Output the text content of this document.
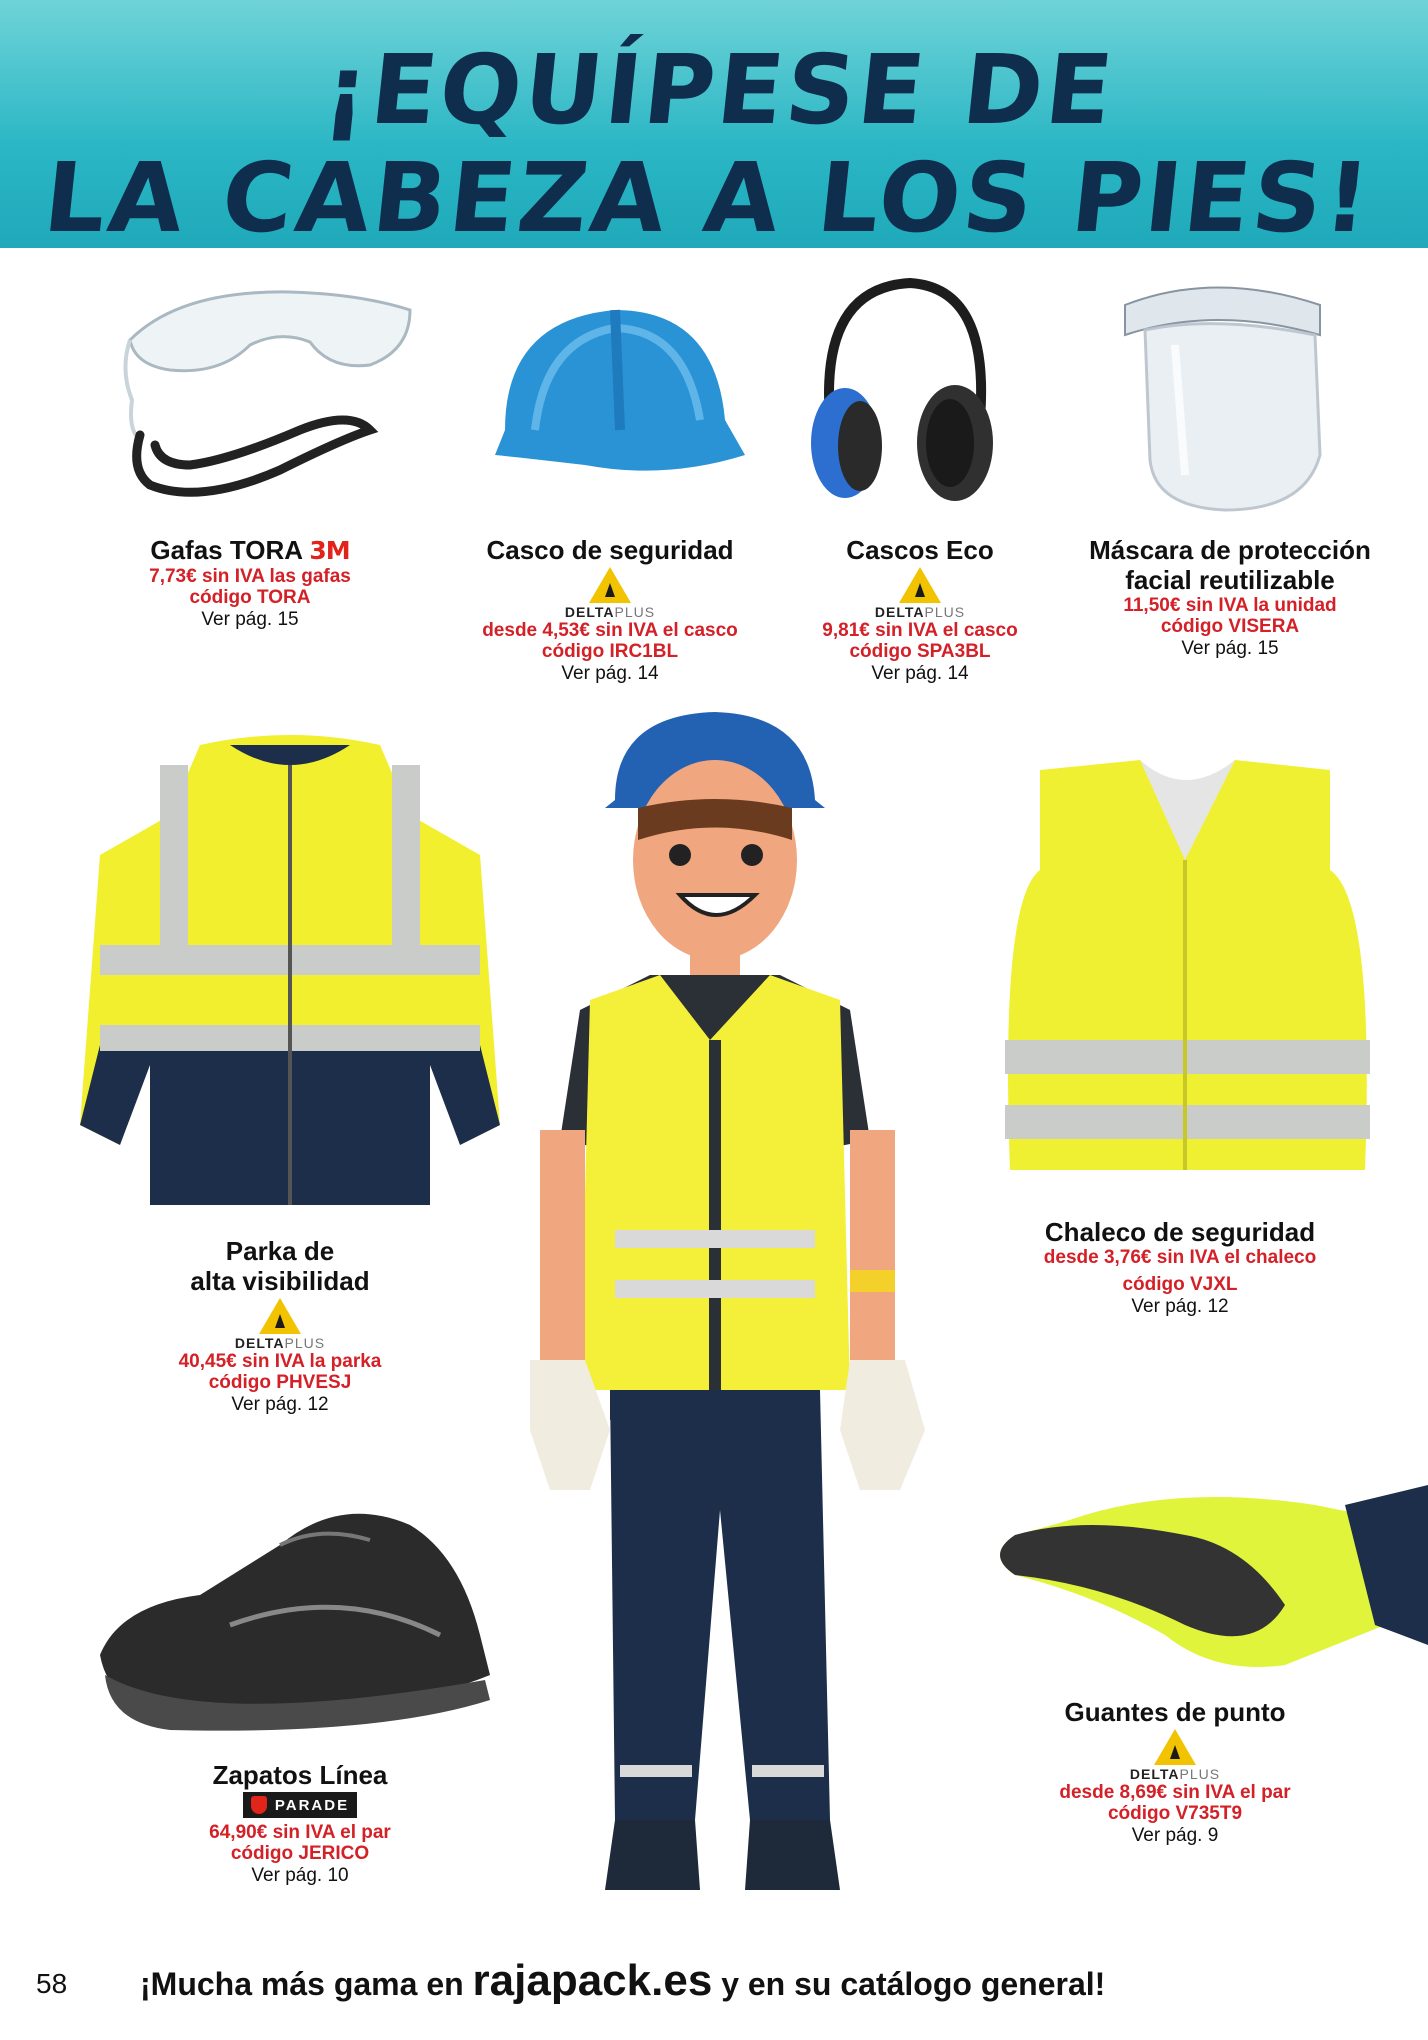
¡EQUÍPESE DE
LA CABEZA A LOS PIES!
Gafas TORA 3M
7,73€ sin IVA las gafas
código TORA
Ver pág. 15
Casco de seguridad
DELTAPLUS
desde 4,53€ sin IVA el casco
código IRC1BL
Ver pág. 14
Cascos Eco
DELTAPLUS
9,81€ sin IVA el casco
código SPA3BL
Ver pág. 14
Máscara de protección
facial reutilizable
11,50€ sin IVA la unidad
código VISERA
Ver pág. 15
Parka de
alta visibilidad
DELTAPLUS
40,45€ sin IVA la parka
código PHVESJ
Ver pág. 12
Chaleco de seguridad
desde 3,76€ sin IVA el chaleco
código VJXL
Ver pág. 12
Zapatos Línea
PARADE
64,90€ sin IVA el par
código JERICO
Ver pág. 10
Guantes de punto
DELTAPLUS
desde 8,69€ sin IVA el par
código V735T9
Ver pág. 9
58 ¡Mucha más gama en rajapack.es y en su catálogo general!
